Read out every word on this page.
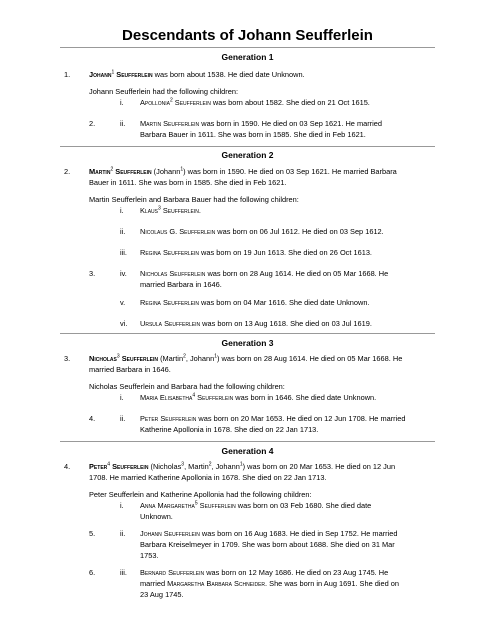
Descendants of Johann Seufferlein
Generation 1
1.	Johann$^1$ Seufferlein was born about 1538. He died date Unknown.
Johann Seufferlein had the following children:
i. Apollonia$^2$ Seufferlein was born about 1582. She died on 21 Oct 1615.
2.	ii. Martin Seufferlein was born in 1590. He died on 03 Sep 1621. He married
Barbara Bauer in 1611. She was born in 1585. She died in Feb 1621.
Generation 2
2.	Martin$^2$ Seufferlein (Johann$^1$) was born in 1590. He died on 03 Sep 1621. He married Barbara
Bauer in 1611. She was born in 1585. She died in Feb 1621.
Martin Seufferlein and Barbara Bauer had the following children:
i. Klaus$^3$ Seufferlein.
ii. Nicolaus G. Seufferlein was born on 06 Jul 1612. He died on 03 Sep 1612.
iii. Regina Seufferlein was born on 19 Jun 1613. She died on 26 Oct 1613.
3.	iv. Nicholas Seufferlein was born on 28 Aug 1614. He died on 05 Mar 1668. He
married Barbara in 1646.
v. Regina Seufferlein was born on 04 Mar 1616. She died date Unknown.
vi. Ursula Seufferlein was born on 13 Aug 1618. She died on 03 Jul 1619.
Generation 3
3.	Nicholas$^3$ Seufferlein (Martin$^2$, Johann$^1$) was born on 28 Aug 1614. He died on 05 Mar 1668. He
married Barbara in 1646.
Nicholas Seufferlein and Barbara had the following children:
i. Maria Elisabetha$^4$ Seufferlein was born in 1646. She died date Unknown.
4.	ii. Peter Seufferlein was born on 20 Mar 1653. He died on 12 Jun 1708. He married
Katherine Apollonia in 1678. She died on 22 Jan 1713.
Generation 4
4.	Peter$^4$ Seufferlein (Nicholas$^3$, Martin$^2$, Johann$^1$) was born on 20 Mar 1653. He died on 12 Jun
1708. He married Katherine Apollonia in 1678. She died on 22 Jan 1713.
Peter Seufferlein and Katherine Apollonia had the following children:
i. Anna Margaretha$^5$ Seufferlein was born on 03 Feb 1680. She died date
Unknown.
5.	ii. Johann Seufferlein was born on 16 Aug 1683. He died in Sep 1752. He married
Barbara Kreiselmeyer in 1709. She was born about 1688. She died on 31 Mar
1753.
6.	iii. Bernard Seufferlein was born on 12 May 1686. He died on 23 Aug 1745. He
married Margaretha Barbara Schneider. She was born in Aug 1691. She died on
23 Aug 1745.
